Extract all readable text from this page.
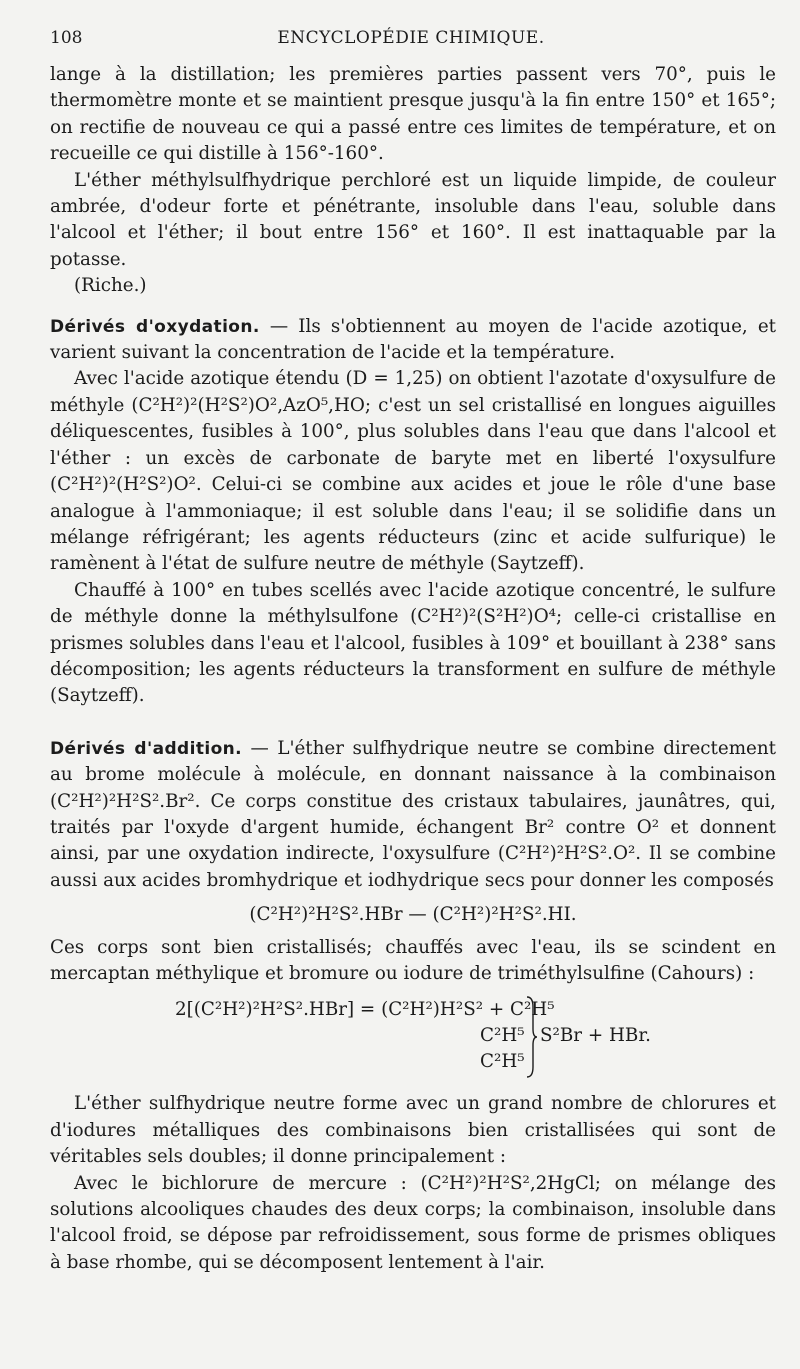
108	ENCYCLOPÉDIE CHIMIQUE.

lange à la distillation; les premières parties passent vers 70°, puis le thermomètre monte et se maintient presque jusqu'à la fin entre 150° et 165°; on rectifie de nouveau ce qui a passé entre ces limites de température, et on recueille ce qui distille à 156°-160°.

L'éther méthylsulfhydrique perchloré est un liquide limpide, de couleur ambrée, d'odeur forte et pénétrante, insoluble dans l'eau, soluble dans l'alcool et l'éther; il bout entre 156° et 160°. Il est inattaquable par la potasse.

(Riche.)

Dérivés d'oxydation. — Ils s'obtiennent au moyen de l'acide azotique, et varient suivant la concentration de l'acide et la température.

Avec l'acide azotique étendu (D = 1,25) on obtient l'azotate d'oxysulfure de méthyle (C²H²)²(H²S²)O²,AzO⁵,HO; c'est un sel cristallisé en longues aiguilles déliquescentes, fusibles à 100°, plus solubles dans l'eau que dans l'alcool et l'éther : un excès de carbonate de baryte met en liberté l'oxysulfure (C²H²)²(H²S²)O². Celui-ci se combine aux acides et joue le rôle d'une base analogue à l'ammoniaque; il est soluble dans l'eau; il se solidifie dans un mélange réfrigérant; les agents réducteurs (zinc et acide sulfurique) le ramènent à l'état de sulfure neutre de méthyle (Saytzeff).

Chauffé à 100° en tubes scellés avec l'acide azotique concentré, le sulfure de méthyle donne la méthylsulfone (C²H²)²(S²H²)O⁴; celle-ci cristallise en prismes solubles dans l'eau et l'alcool, fusibles à 109° et bouillant à 238° sans décomposition; les agents réducteurs la transforment en sulfure de méthyle (Saytzeff).

Dérivés d'addition. — L'éther sulfhydrique neutre se combine directement au brome molécule à molécule, en donnant naissance à la combinaison (C²H²)²H²S².Br². Ce corps constitue des cristaux tabulaires, jaunâtres, qui, traités par l'oxyde d'argent humide, échangent Br² contre O² et donnent ainsi, par une oxydation indirecte, l'oxysulfure (C²H²)²H²S².O². Il se combine aussi aux acides bromhydrique et iodhydrique secs pour donner les composés

(C²H²)²H²S².HBr — (C²H²)²H²S².HI.

Ces corps sont bien cristallisés; chauffés avec l'eau, ils se scindent en mercaptan méthylique et bromure ou iodure de triméthylsulfine (Cahours) :

2[(C²H²)²H²S².HBr] = (C²H²)H²S² + C²H⁵
C²H⁵
C²H⁵
S²Br + HBr.

L'éther sulfhydrique neutre forme avec un grand nombre de chlorures et d'iodures métalliques des combinaisons bien cristallisées qui sont de véritables sels doubles; il donne principalement :

Avec le bichlorure de mercure : (C²H²)²H²S²,2HgCl; on mélange des solutions alcooliques chaudes des deux corps; la combinaison, insoluble dans l'alcool froid, se dépose par refroidissement, sous forme de prismes obliques à base rhombe, qui se décomposent lentement à l'air.
